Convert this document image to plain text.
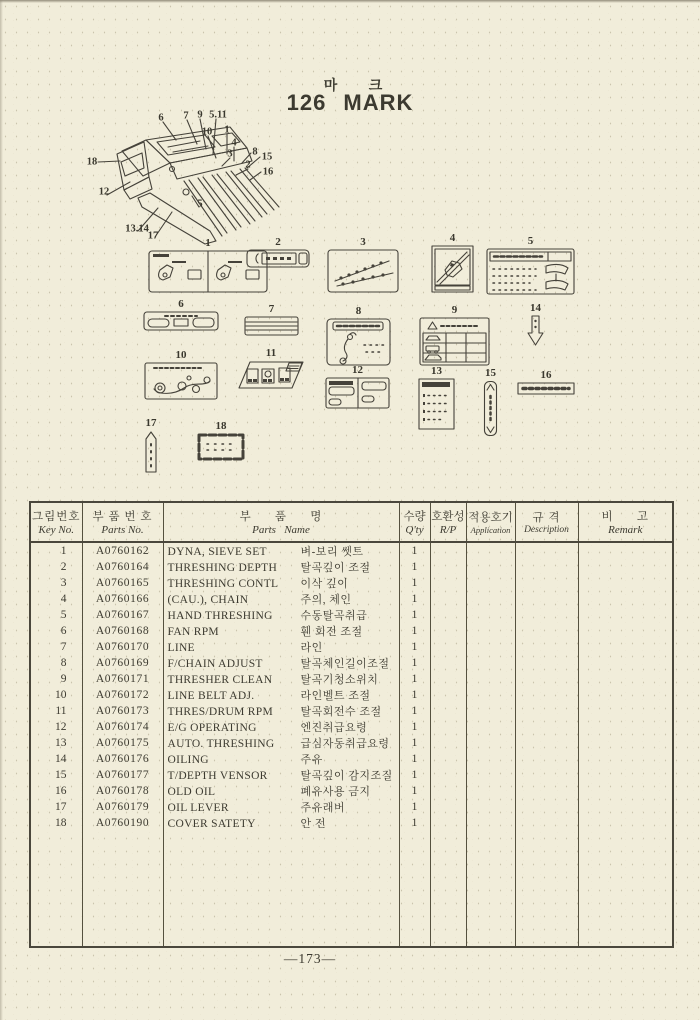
마 크
126 MARK
6 7 9 5.11
10 1
4
3 8 15
2
16
18
12
13.14
17
5
1	2	3	4	5
6	7	8	9	14
10	11
12	13	15	16
17	18
그림번호
Key No.

부 품 번 호
Parts No.

부      품      명
Parts   Name

수량
Q'ty

호환성
R/P

적용호기
Application

규 격
Description

비      고
Remark

1	A0760162	DYNA, SIEVE SET 벼-보리 쎗트	1				
2	A0760164	THRESHING DEPTH 탈곡깊이 조절	1				
3	A0760165	THRESHING CONTL 이삭 깊이	1				
4	A0760166	(CAU.), CHAIN 주의, 체인	1				
5	A0760167	HAND THRESHING 수동탈곡취급	1				
6	A0760168	FAN RPM 휀 회전 조절	1				
7	A0760170	LINE 라인	1				
8	A0760169	F/CHAIN ADJUST 탈곡체인길이조절	1				
9	A0760171	THRESHER CLEAN 탈곡기청소위치	1				
10	A0760172	LINE BELT ADJ. 라인벨트 조절	1				
11	A0760173	THRES/DRUM RPM 탈곡회전수 조절	1				
12	A0760174	E/G OPERATING 엔진취급요령	1				
13	A0760175	AUTO. THRESHING 급심자동취급요령	1				
14	A0760176	OILING 주유	1				
15	A0760177	T/DEPTH VENSOR 탈곡깊이 감지조질	1				
16	A0760178	OLD OIL 폐유사용 금지	1				
17	A0760179	OIL LEVER 주유래버	1				
18	A0760190	COVER SATETY 안 전	1				

—173—
